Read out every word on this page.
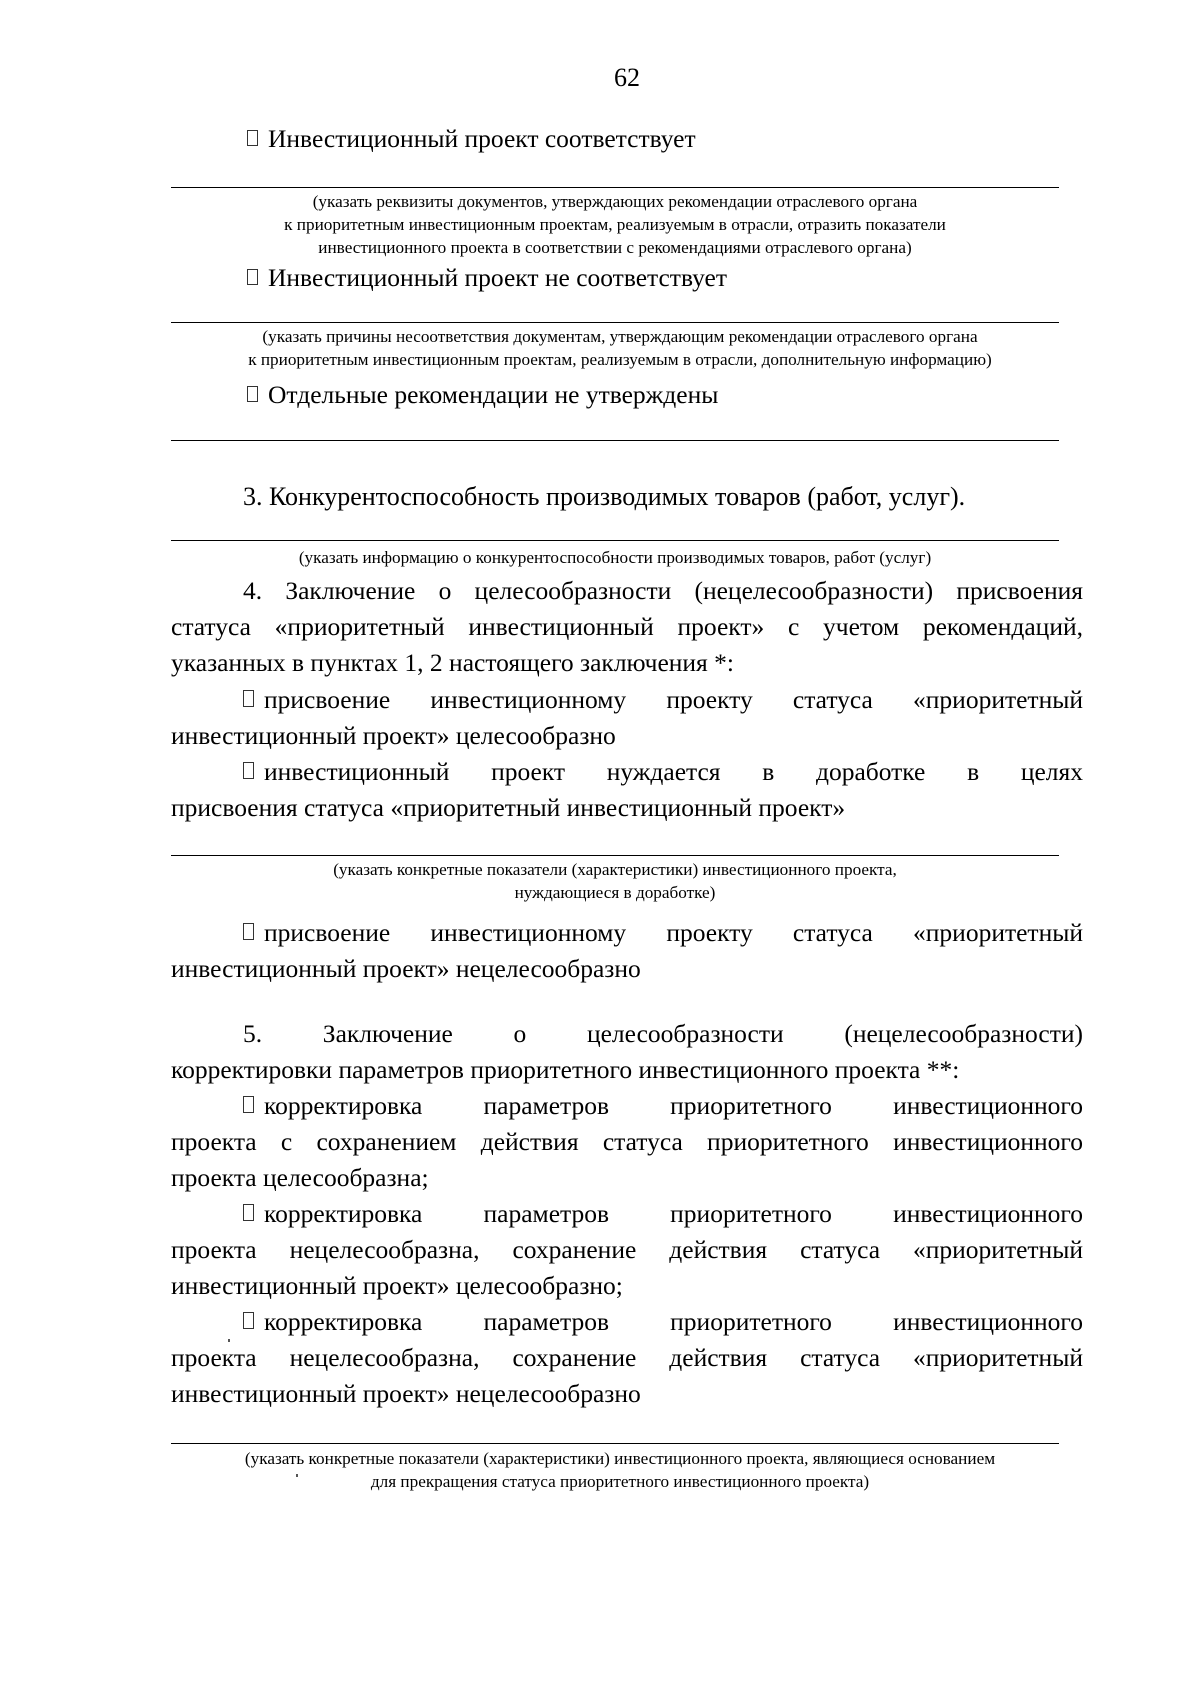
62
Инвестиционный проект соответствует
(указать реквизиты документов, утверждающих рекомендации отраслевого органа
к приоритетным инвестиционным проектам, реализуемым в отрасли, отразить показатели
инвестиционного проекта в соответствии с рекомендациями отраслевого органа)
Инвестиционный проект не соответствует
(указать причины несоответствия документам, утверждающим рекомендации отраслевого органа
к приоритетным инвестиционным проектам, реализуемым в отрасли, дополнительную информацию)
Отдельные рекомендации не утверждены
3. Конкурентоспособность производимых товаров (работ, услуг).
(указать информацию о конкурентоспособности производимых товаров, работ (услуг)
4. Заключение о целесообразности (нецелесообразности) присвоения
статуса «приоритетный инвестиционный проект» с учетом рекомендаций,
указанных в пунктах 1, 2 настоящего заключения *:
присвоение инвестиционному проекту статуса «приоритетный
инвестиционный проект» целесообразно
инвестиционный проект нуждается в доработке в целях
присвоения статуса «приоритетный инвестиционный проект»
(указать конкретные показатели (характеристики) инвестиционного проекта,
нуждающиеся в доработке)
присвоение инвестиционному проекту статуса «приоритетный
инвестиционный проект» нецелесообразно
5. Заключение о целесообразности (нецелесообразности)
корректировки параметров приоритетного инвестиционного проекта **:
корректировка параметров приоритетного инвестиционного
проекта с сохранением действия статуса приоритетного инвестиционного
проекта целесообразна;
корректировка параметров приоритетного инвестиционного
проекта нецелесообразна, сохранение действия статуса «приоритетный
инвестиционный проект» целесообразно;
корректировка параметров приоритетного инвестиционного
проекта нецелесообразна, сохранение действия статуса «приоритетный
инвестиционный проект» нецелесообразно
(указать конкретные показатели (характеристики) инвестиционного проекта, являющиеся основанием
для прекращения статуса приоритетного инвестиционного проекта)
